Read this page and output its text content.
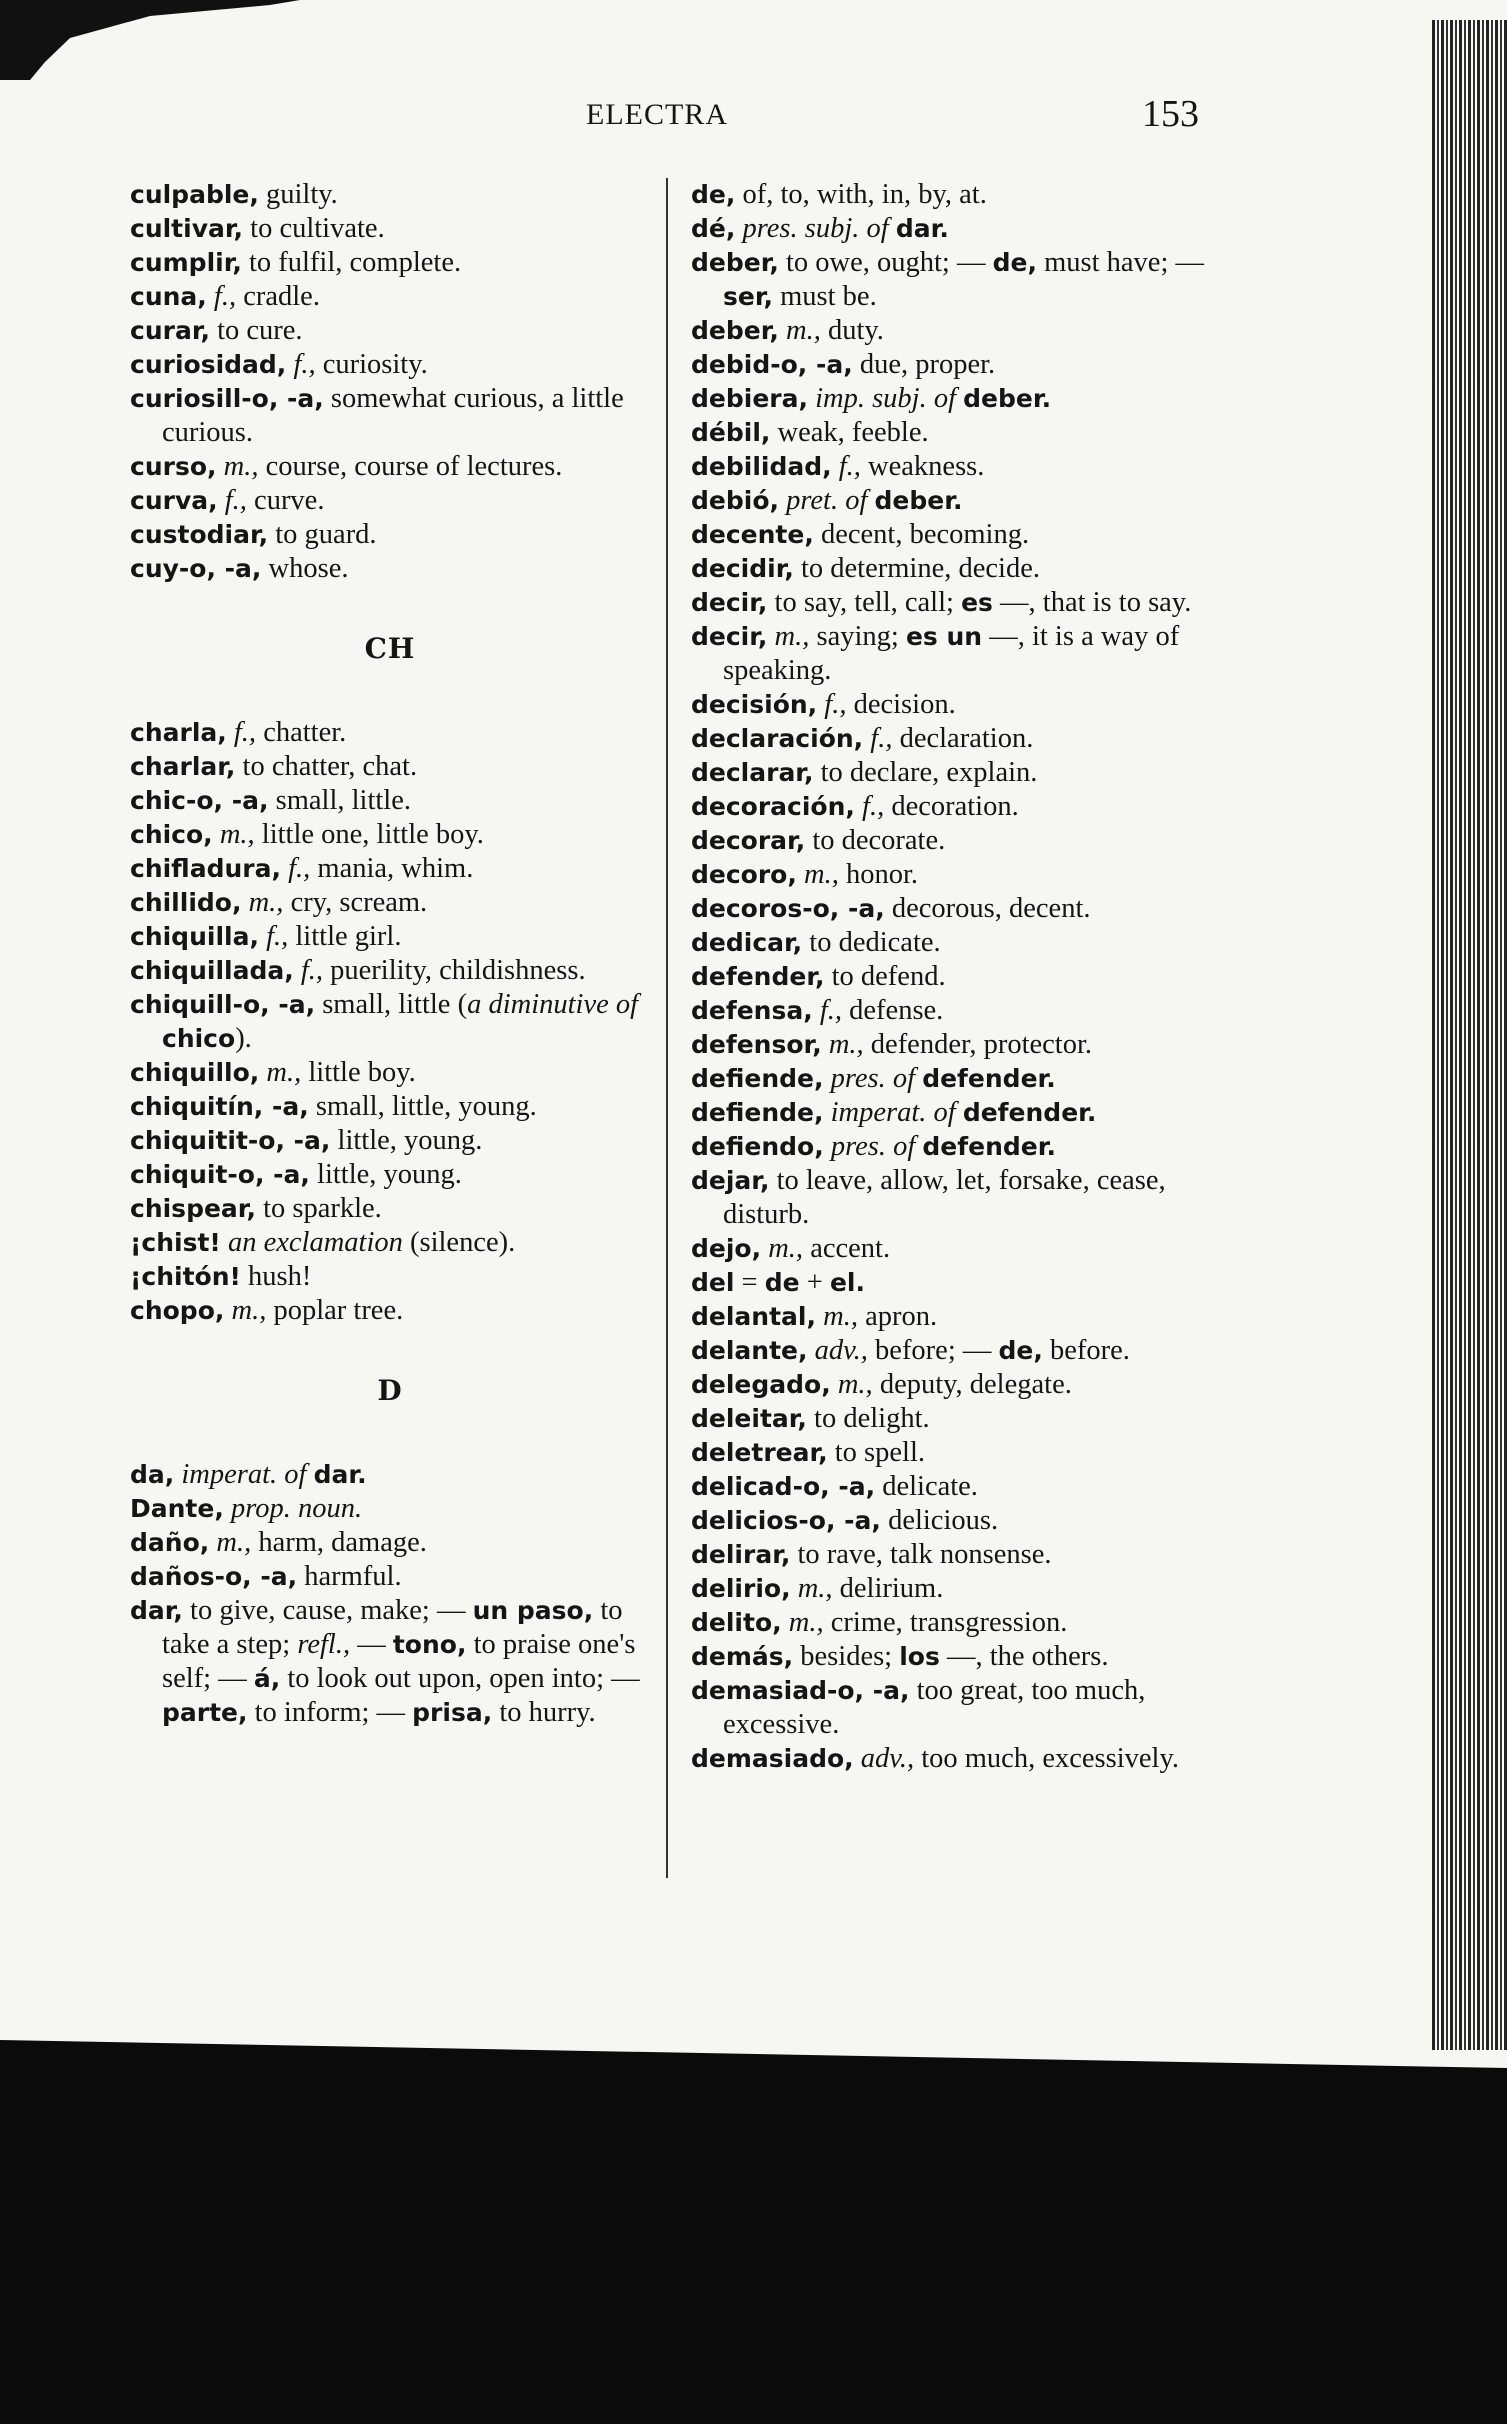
ELECTRA	153

culpable, guilty.

cultivar, to cultivate.

cumplir, to fulfil, complete.

cuna, f., cradle.

curar, to cure.

curiosidad, f., curiosity.

curiosill-o, -a, somewhat curious, a little curious.

curso, m., course, course of lectures.

curva, f., curve.

custodiar, to guard.

cuy-o, -a, whose.

CH

charla, f., chatter.

charlar, to chatter, chat.

chic-o, -a, small, little.

chico, m., little one, little boy.

chifladura, f., mania, whim.

chillido, m., cry, scream.

chiquilla, f., little girl.

chiquillada, f., puerility, childishness.

chiquill-o, -a, small, little (a diminutive of chico).

chiquillo, m., little boy.

chiquitín, -a, small, little, young.

chiquitit-o, -a, little, young.

chiquit-o, -a, little, young.

chispear, to sparkle.

¡chist! an exclamation (silence).

¡chitón! hush!

chopo, m., poplar tree.

D

da, imperat. of dar.

Dante, prop. noun.

daño, m., harm, damage.

daños-o, -a, harmful.

dar, to give, cause, make; — un paso, to take a step; refl., — tono, to praise one's self; — á, to look out upon, open into; — parte, to inform; — prisa, to hurry.

de, of, to, with, in, by, at.

dé, pres. subj. of dar.

deber, to owe, ought; — de, must have; — ser, must be.

deber, m., duty.

debid-o, -a, due, proper.

debiera, imp. subj. of deber.

débil, weak, feeble.

debilidad, f., weakness.

debió, pret. of deber.

decente, decent, becoming.

decidir, to determine, decide.

decir, to say, tell, call; es —, that is to say.

decir, m., saying; es un —, it is a way of speaking.

decisión, f., decision.

declaración, f., declaration.

declarar, to declare, explain.

decoración, f., decoration.

decorar, to decorate.

decoro, m., honor.

decoros-o, -a, decorous, decent.

dedicar, to dedicate.

defender, to defend.

defensa, f., defense.

defensor, m., defender, protector.

defiende, pres. of defender.

defiende, imperat. of defender.

defiendo, pres. of defender.

dejar, to leave, allow, let, forsake, cease, disturb.

dejo, m., accent.

del = de + el.

delantal, m., apron.

delante, adv., before; — de, before.

delegado, m., deputy, delegate.

deleitar, to delight.

deletrear, to spell.

delicad-o, -a, delicate.

delicios-o, -a, delicious.

delirar, to rave, talk nonsense.

delirio, m., delirium.

delito, m., crime, transgression.

demás, besides; los —, the others.

demasiad-o, -a, too great, too much, excessive.

demasiado, adv., too much, excessively.
